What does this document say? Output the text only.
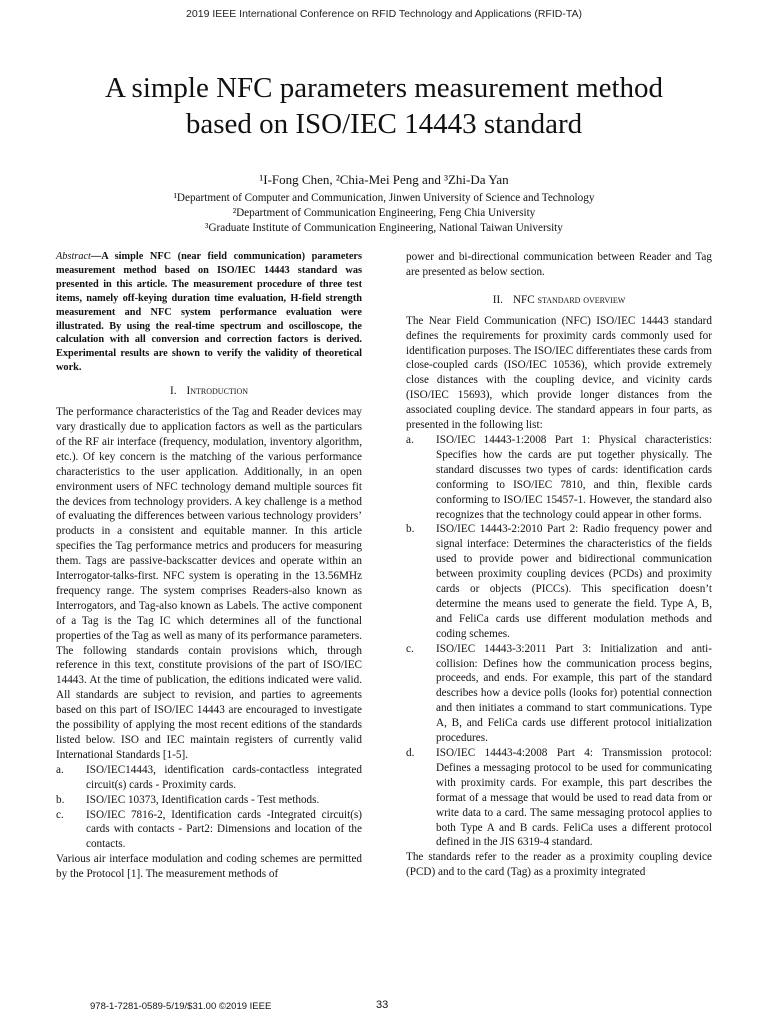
2019 IEEE International Conference on RFID Technology and Applications (RFID-TA)
A simple NFC parameters measurement method
based on ISO/IEC 14443 standard
¹I-Fong Chen, ²Chia-Mei Peng and ³Zhi-Da Yan
¹Department of Computer and Communication, Jinwen University of Science and Technology
²Department of Communication Engineering, Feng Chia University
³Graduate Institute of Communication Engineering, National Taiwan University

Abstract—A simple NFC (near field communication) parameters measurement method based on ISO/IEC 14443 standard was presented in this article. The measurement procedure of three test items, namely off-keying duration time evaluation, H-field strength measurement and NFC system performance evaluation were illustrated. By using the real-time spectrum and oscilloscope, the calculation with all conversion and correction factors is derived. Experimental results are shown to verify the validity of theoretical work.

I. Introduction

The performance characteristics of the Tag and Reader devices may vary drastically due to application factors as well as the particulars of the RF air interface (frequency, modulation, inventory algorithm, etc.). Of key concern is the matching of the various performance characteristics to the user application. Additionally, in an open environment users of NFC technology demand multiple sources fit the devices from technology providers. A key challenge is a method of evaluating the differences between various technology providers’ products in a consistent and equitable manner. In this article specifies the Tag performance metrics and producers for measuring them. Tags are passive-backscatter devices and operate within an Interrogator-talks-first. NFC system is operating in the 13.56MHz frequency range. The system comprises Readers-also known as Interrogators, and Tag-also known as Labels. The active component of a Tag is the Tag IC which determines all of the functional properties of the Tag as well as many of its performance parameters. The following standards contain provisions which, through reference in this text, constitute provisions of the part of ISO/IEC 14443. At the time of publication, the editions indicated were valid. All standards are subject to revision, and parties to agreements based on this part of ISO/IEC 14443 are encouraged to investigate the possibility of applying the most recent editions of the standards listed below. ISO and IEC maintain registers of currently valid International Standards [1-5].

a.	ISO/IEC14443, identification cards-contactless integrated circuit(s) cards - Proximity cards.
b.	ISO/IEC 10373, Identification cards - Test methods.
c.	ISO/IEC 7816-2, Identification cards -Integrated circuit(s) cards with contacts - Part2: Dimensions and location of the contacts.

Various air interface modulation and coding schemes are permitted by the Protocol [1]. The measurement methods of

power and bi-directional communication between Reader and Tag are presented as below section.

II. NFC standard overview

The Near Field Communication (NFC) ISO/IEC 14443 standard defines the requirements for proximity cards commonly used for identification purposes. The ISO/IEC differentiates these cards from close-coupled cards (ISO/IEC 10536), which provide extremely close distances with the coupling device, and vicinity cards (ISO/IEC 15693), which provide longer distances from the associated coupling device. The standard appears in four parts, as presented in the following list:

a.	ISO/IEC 14443-1:2008 Part 1: Physical characteristics: Specifies how the cards are put together physically. The standard discusses two types of cards: identification cards conforming to ISO/IEC 7810, and thin, flexible cards conforming to ISO/IEC 15457-1. However, the standard also recognizes that the technology could appear in other forms.
b.	ISO/IEC 14443-2:2010 Part 2: Radio frequency power and signal interface: Determines the characteristics of the fields used to provide power and bidirectional communication between proximity coupling devices (PCDs) and proximity cards or objects (PICCs). This specification doesn’t determine the means used to generate the field. Type A, B, and FeliCa cards use different modulation methods and coding schemes.
c.	ISO/IEC 14443-3:2011 Part 3: Initialization and anti-collision: Defines how the communication process begins, proceeds, and ends. For example, this part of the standard describes how a device polls (looks for) potential connection and then initiates a command to start communications. Type A, B, and FeliCa cards use different protocol initialization procedures.
d.	ISO/IEC 14443-4:2008 Part 4: Transmission protocol: Defines a messaging protocol to be used for communicating with proximity cards. For example, this part describes the format of a message that would be used to read data from or write data to a card. The same messaging protocol applies to both Type A and B cards. FeliCa uses a different protocol defined in the JIS 6319-4 standard.

The standards refer to the reader as a proximity coupling device (PCD) and to the card (Tag) as a proximity integrated

978-1-7281-0589-5/19/$31.00 ©2019 IEEE	33
